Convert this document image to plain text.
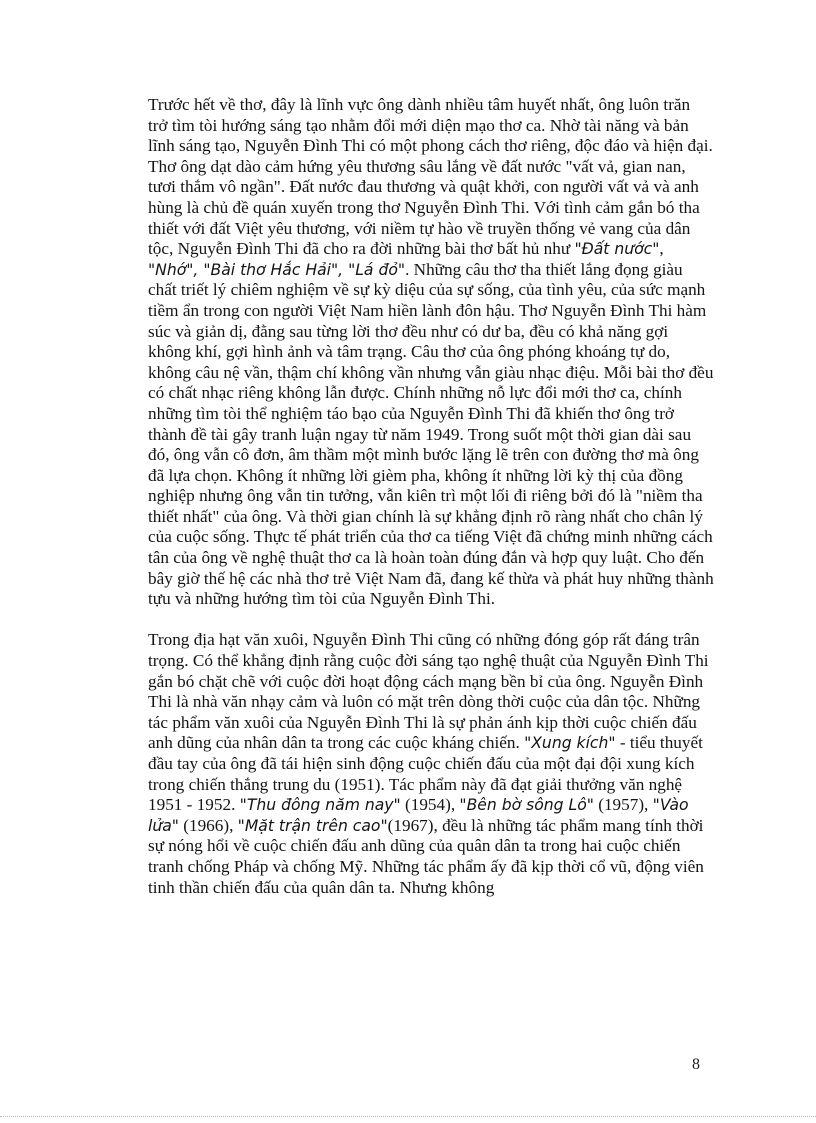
Trước hết về thơ, đây là lĩnh vực ông dành nhiều tâm huyết nhất, ông luôn trăn trở tìm tòi hướng sáng tạo nhằm đổi mới diện mạo thơ ca. Nhờ tài năng và bản lĩnh sáng tạo, Nguyễn Đình Thi có một phong cách thơ riêng, độc đáo và hiện đại. Thơ ông dạt dào cảm hứng yêu thương sâu lắng về đất nước "vất vả, gian nan, tươi thắm vô ngần". Đất nước đau thương và quật khởi, con người vất vả và anh hùng là chủ đề quán xuyến trong thơ Nguyễn Đình Thi. Với tình cảm gắn bó tha thiết với đất Việt yêu thương, với niềm tự hào về truyền thống vẻ vang của dân tộc, Nguyễn Đình Thi đã cho ra đời những bài thơ bất hủ như "Đất nước", "Nhớ", "Bài thơ Hắc Hải", "Lá đỏ". Những câu thơ tha thiết lắng đọng giàu chất triết lý chiêm nghiệm về sự kỳ diệu của sự sống, của tình yêu, của sức mạnh tiềm ẩn trong con người Việt Nam hiền lành đôn hậu. Thơ Nguyễn Đình Thi hàm súc và giản dị, đằng sau từng lời thơ đều như có dư ba, đều có khả năng gợi không khí, gợi hình ảnh và tâm trạng. Câu thơ của ông phóng khoáng tự do, không câu nệ vần, thậm chí không vần nhưng vẫn giàu nhạc điệu. Mỗi bài thơ đều có chất nhạc riêng không lẫn được. Chính những nỗ lực đổi mới thơ ca, chính những tìm tòi thể nghiệm táo bạo của Nguyễn Đình Thi đã khiến thơ ông trở thành đề tài gây tranh luận ngay từ năm 1949. Trong suốt một thời gian dài sau đó, ông vẫn cô đơn, âm thầm một mình bước lặng lẽ trên con đường thơ mà ông đã lựa chọn. Không ít những lời gièm pha, không ít những lời kỳ thị của đồng nghiệp nhưng ông vẫn tin tưởng, vẫn kiên trì một lối đi riêng bởi đó là "niềm tha thiết nhất" của ông. Và thời gian chính là sự khẳng định rõ ràng nhất cho chân lý của cuộc sống. Thực tế phát triển của thơ ca tiếng Việt đã chứng minh những cách tân của ông về nghệ thuật thơ ca là hoàn toàn đúng đắn và hợp quy luật. Cho đến bây giờ thế hệ các nhà thơ trẻ Việt Nam đã, đang kế thừa và phát huy những thành tựu và những hướng tìm tòi của Nguyễn Đình Thi.

Trong địa hạt văn xuôi, Nguyễn Đình Thi cũng có những đóng góp rất đáng trân trọng. Có thể khẳng định rằng cuộc đời sáng tạo nghệ thuật của Nguyễn Đình Thi gắn bó chặt chẽ với cuộc đời hoạt động cách mạng bền bỉ của ông. Nguyễn Đình Thi là nhà văn nhạy cảm và luôn có mặt trên dòng thời cuộc của dân tộc. Những tác phẩm văn xuôi của Nguyễn Đình Thi là sự phản ánh kịp thời cuộc chiến đấu anh dũng của nhân dân ta trong các cuộc kháng chiến. "Xung kích" - tiểu thuyết đầu tay của ông đã tái hiện sinh động cuộc chiến đấu của một đại đội xung kích trong chiến thắng trung du (1951). Tác phẩm này đã đạt giải thưởng văn nghệ 1951 - 1952. "Thu đông năm nay" (1954), "Bên bờ sông Lô" (1957), "Vào lửa" (1966), "Mặt trận trên cao"(1967), đều là những tác phẩm mang tính thời sự nóng hổi về cuộc chiến đấu anh dũng của quân dân ta trong hai cuộc chiến tranh chống Pháp và chống Mỹ. Những tác phẩm ấy đã kịp thời cổ vũ, động viên tinh thần chiến đấu của quân dân ta. Nhưng không

8
